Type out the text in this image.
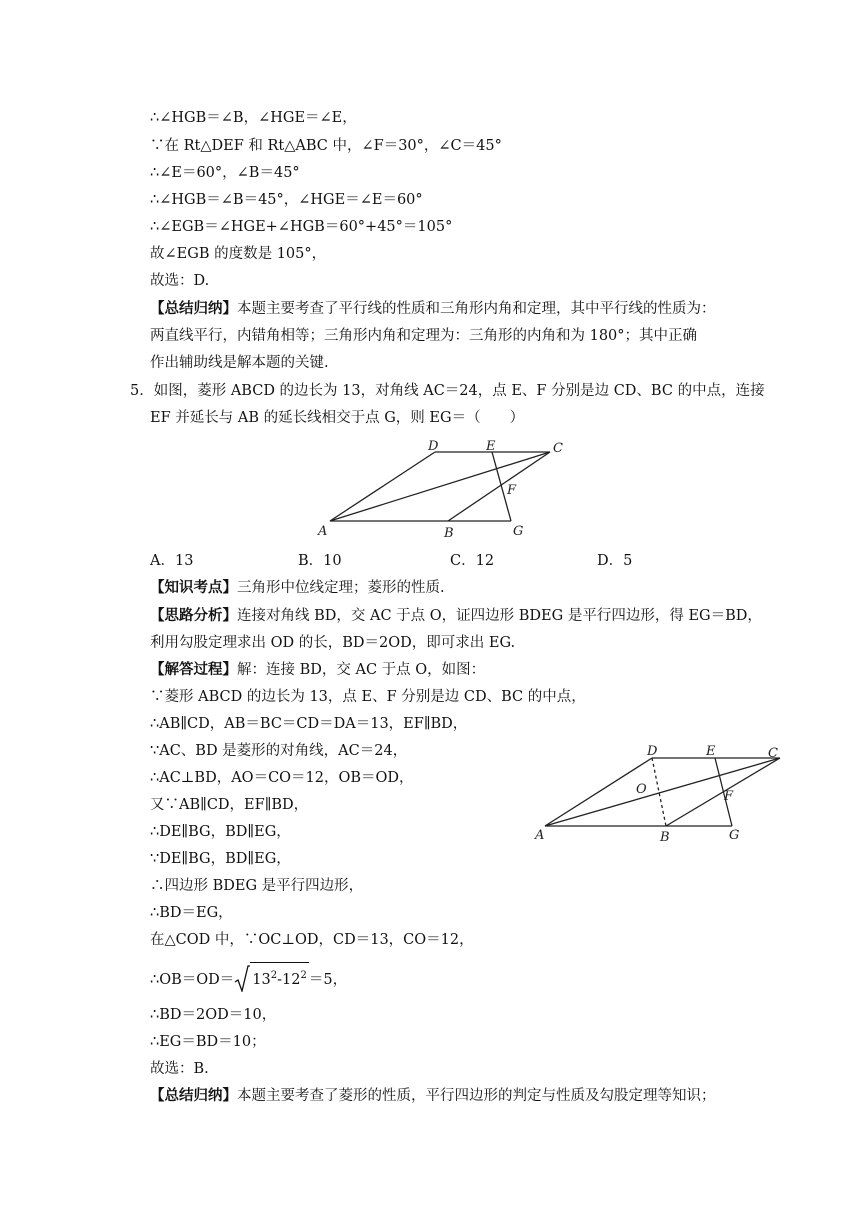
∴∠HGB＝∠B，∠HGE＝∠E，
∵在 Rt△DEF 和 Rt△ABC 中，∠F＝30°，∠C＝45°
∴∠E＝60°，∠B＝45°
∴∠HGB＝∠B＝45°，∠HGE＝∠E＝60°
∴∠EGB＝∠HGE+∠HGB＝60°+45°＝105°
故∠EGB 的度数是 105°，
故选：D.
【总结归纳】本题主要考查了平行线的性质和三角形内角和定理，其中平行线的性质为：
两直线平行，内错角相等；三角形内角和定理为：三角形的内角和为 180°；其中正确
作出辅助线是解本题的关键.
5．如图，菱形 ABCD 的边长为 13，对角线 AC＝24，点 E、F 分别是边 CD、BC 的中点，连接
EF 并延长与 AB 的延长线相交于点 G，则 EG＝（　　）
A	B
C
D	E
F
G
A．13	B．10	C．12	D．5
【知识考点】三角形中位线定理；菱形的性质.
【思路分析】连接对角线 BD，交 AC 于点 O，证四边形 BDEG 是平行四边形，得 EG＝BD，
利用勾股定理求出 OD 的长，BD＝2OD，即可求出 EG.
【解答过程】解：连接 BD，交 AC 于点 O，如图：
∵菱形 ABCD 的边长为 13，点 E、F 分别是边 CD、BC 的中点，
∴AB∥CD，AB＝BC＝CD＝DA＝13，EF∥BD，
∵AC、BD 是菱形的对角线，AC＝24，
∴AC⊥BD，AO＝CO＝12，OB＝OD，
又∵AB∥CD，EF∥BD，
∴DE∥BG，BD∥EG，
∵DE∥BG，BD∥EG，
∴四边形 BDEG 是平行四边形，
∴BD＝EG，
在△COD 中，∵OC⊥OD，CD＝13，CO＝12，
∴OB＝OD＝ $13^2-12^2 =5$，
∴BD＝2OD＝10，
∴EG＝BD＝10；
故选：B.
【总结归纳】本题主要考查了菱形的性质，平行四边形的判定与性质及勾股定理等知识；
A	B
C
D	E
F
G
O
